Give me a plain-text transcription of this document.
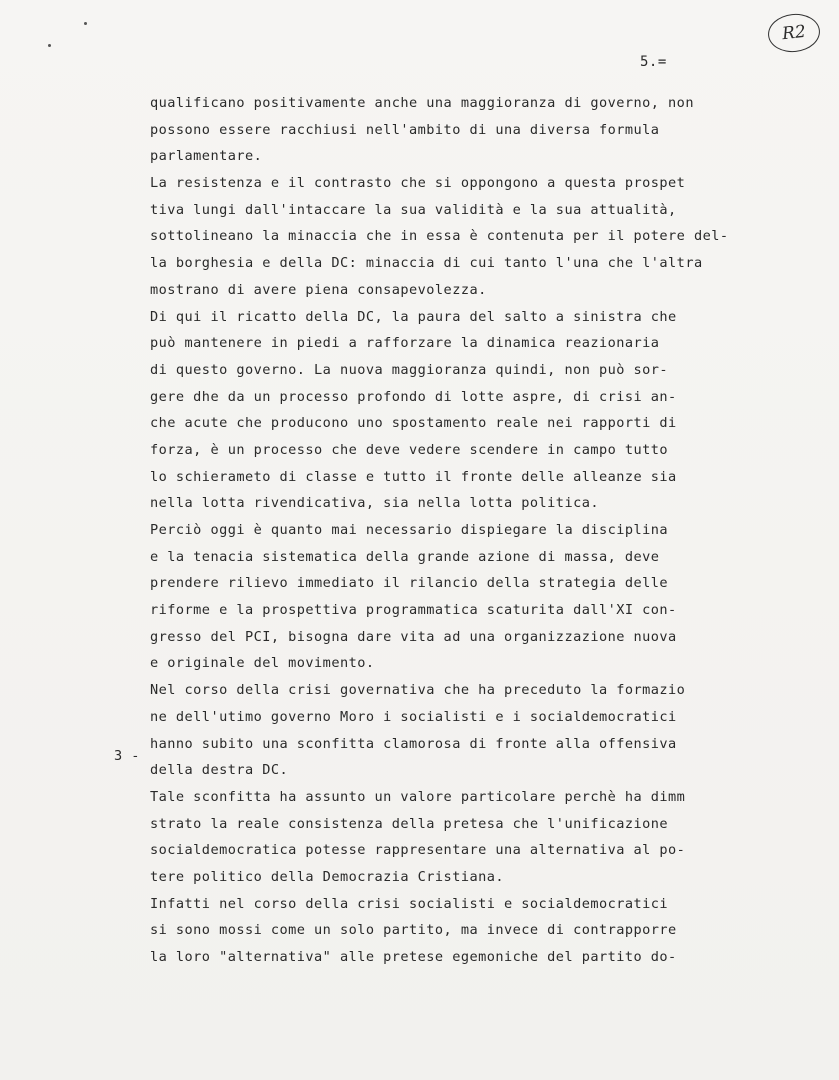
R2
5.=
3 -
qualificano positivamente anche una maggioranza di governo, non
possono essere racchiusi nell'ambito di una diversa formula
parlamentare.
La resistenza e il contrasto che si oppongono a questa prospet
tiva lungi dall'intaccare la sua validità e la sua attualità,
sottolineano la minaccia che in essa è contenuta per il potere del-
la borghesia e della DC: minaccia di cui tanto l'una che l'altra
mostrano di avere piena consapevolezza.
Di qui il ricatto della DC, la paura del salto a sinistra che
può mantenere in piedi a rafforzare la dinamica reazionaria
di questo governo. La nuova maggioranza quindi, non può sor-
gere dhe da un processo profondo di lotte aspre, di crisi an-
che acute che producono uno spostamento reale nei rapporti di
forza, è un processo che deve vedere scendere in campo tutto
lo schierameto di classe e tutto il fronte delle alleanze sia
nella lotta rivendicativa, sia nella lotta politica.
Perciò oggi è quanto mai necessario dispiegare la disciplina
e la tenacia sistematica della grande azione di massa, deve
prendere rilievo immediato il rilancio della strategia delle
riforme e la prospettiva programmatica scaturita dall'XI con-
gresso del PCI, bisogna dare vita ad una organizzazione nuova
e originale del movimento.
Nel corso della crisi governativa che ha preceduto la formazio
ne dell'utimo governo Moro i socialisti e i socialdemocratici
hanno subito una sconfitta clamorosa di fronte alla offensiva
della destra DC.
Tale sconfitta ha assunto un valore particolare perchè ha dimm
strato la reale consistenza della pretesa che l'unificazione
socialdemocratica potesse rappresentare una alternativa al po-
tere politico della Democrazia Cristiana.
Infatti nel corso della crisi socialisti e socialdemocratici
si sono mossi come un solo partito, ma invece di contrapporre
la loro "alternativa" alle pretese egemoniche del partito do-
